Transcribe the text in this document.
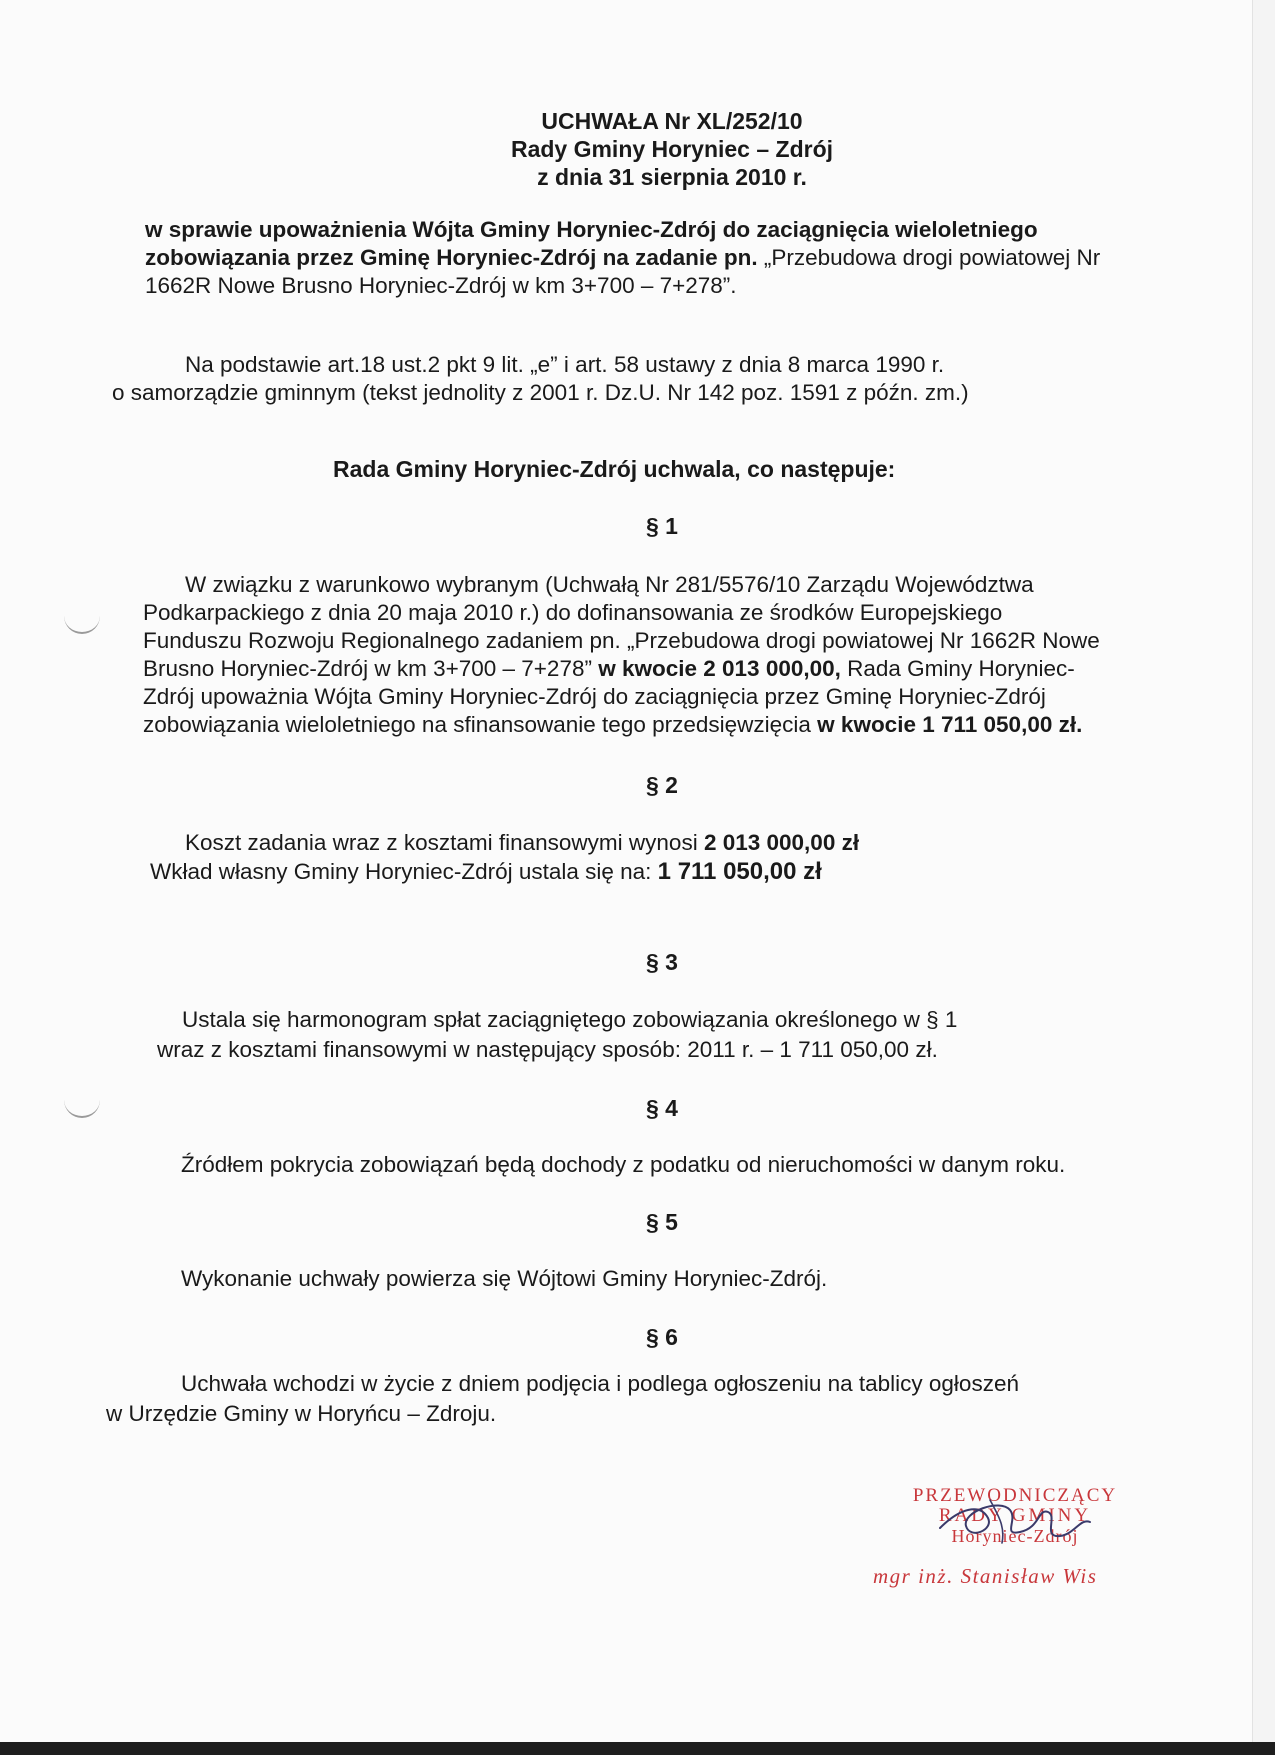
UCHWAŁA Nr XL/252/10
Rady Gminy Horyniec – Zdrój
z dnia 31 sierpnia 2010 r.
w sprawie upoważnienia Wójta Gminy Horyniec-Zdrój do zaciągnięcia wieloletniego
zobowiązania przez Gminę Horyniec-Zdrój na zadanie pn. „Przebudowa drogi powiatowej Nr
1662R Nowe Brusno Horyniec-Zdrój w km 3+700 – 7+278”.
Na podstawie art.18 ust.2 pkt 9 lit. „e” i art. 58 ustawy z dnia 8 marca 1990 r.
o samorządzie gminnym (tekst jednolity z 2001 r. Dz.U. Nr 142 poz. 1591 z późn. zm.)
Rada Gminy Horyniec-Zdrój uchwala, co następuje:
§ 1
W związku z warunkowo wybranym (Uchwałą Nr 281/5576/10 Zarządu Województwa
Podkarpackiego z dnia 20 maja 2010 r.) do dofinansowania ze środków Europejskiego
Funduszu Rozwoju Regionalnego zadaniem pn. „Przebudowa drogi powiatowej Nr 1662R Nowe
Brusno Horyniec-Zdrój w km 3+700 – 7+278” w kwocie 2 013 000,00, Rada Gminy Horyniec-
Zdrój upoważnia Wójta Gminy Horyniec-Zdrój do zaciągnięcia przez Gminę Horyniec-Zdrój
zobowiązania wieloletniego na sfinansowanie tego przedsięwzięcia w kwocie 1 711 050,00 zł.
§ 2
Koszt zadania wraz z kosztami finansowymi wynosi 2 013 000,00 zł
Wkład własny Gminy Horyniec-Zdrój ustala się na: 1 711 050,00 zł
§ 3
Ustala się harmonogram spłat zaciągniętego zobowiązania określonego w § 1
wraz z kosztami finansowymi w następujący sposób: 2011 r. – 1 711 050,00 zł.
§ 4
Źródłem pokrycia zobowiązań będą dochody z podatku od nieruchomości w danym roku.
§ 5
Wykonanie uchwały powierza się Wójtowi Gminy Horyniec-Zdrój.
§ 6
Uchwała wchodzi w życie z dniem podjęcia i podlega ogłoszeniu na tablicy ogłoszeń
w Urzędzie Gminy w Horyńcu – Zdroju.
PRZEWODNICZĄCY
RADY GMINY
Horyniec-Zdrój
mgr inż. Stanisław Wis
